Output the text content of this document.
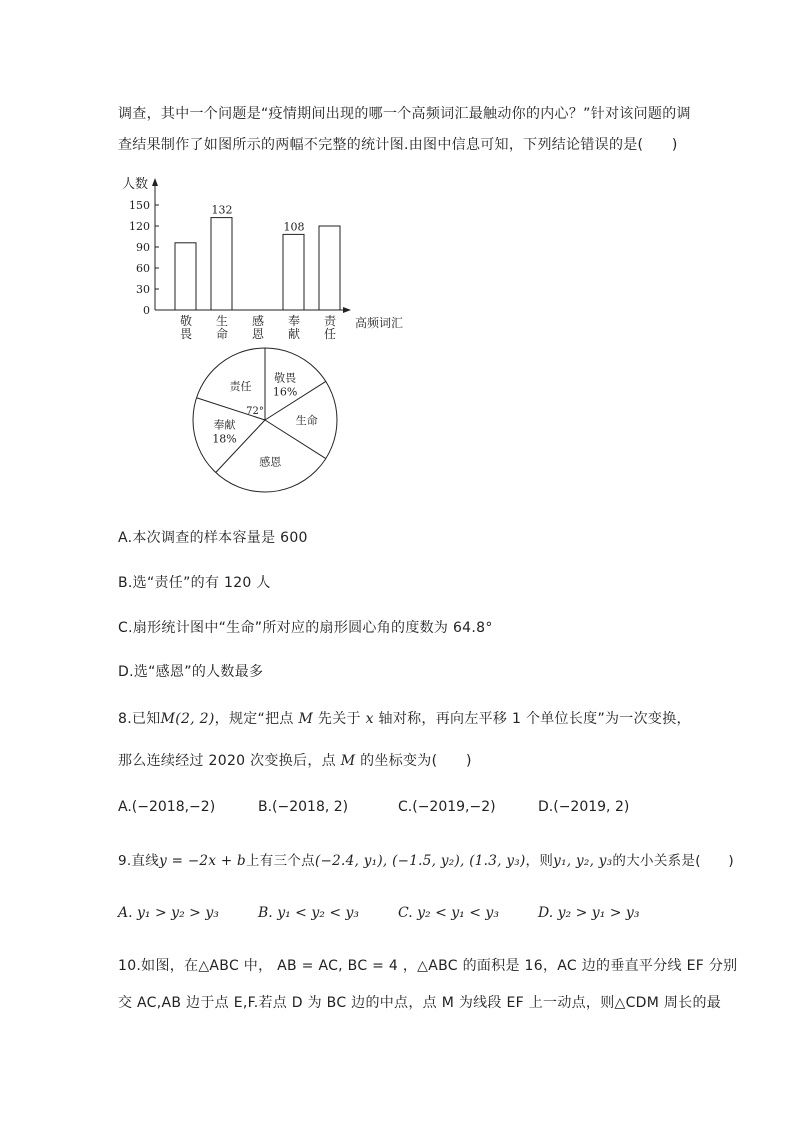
调查，其中一个问题是“疫情期间出现的哪一个高频词汇最触动你的内心？”针对该问题的调
查结果制作了如图所示的两幅不完整的统计图.由图中信息可知，下列结论错误的是(　　)
人数
0
30
60
90
120
150
敬
畏
132
生
命
感
恩
108
奉
献
责
任
高频词汇
敬畏
16%
生命
感恩
奉献
18%
责任
72°
A.本次调查的样本容量是 600
B.选“责任”的有 120 人
C.扇形统计图中“生命”所对应的扇形圆心角的度数为 64.8°
D.选“感恩”的人数最多
8.已知M(2, 2)，规定“把点 M 先关于 x 轴对称，再向左平移 1 个单位长度”为一次变换，
那么连续经过 2020 次变换后，点 M 的坐标变为(　　)
A.(−2018,−2)	B.(−2018, 2)	C.(−2019,−2)	D.(−2019, 2)
9.直线y = −2x + b上有三个点(−2.4, y₁), (−1.5, y₂), (1.3, y₃)，则y₁, y₂, y₃的大小关系是(　　)
A. y₁ > y₂ > y₃	B. y₁ < y₂ < y₃	C. y₂ < y₁ < y₃	D. y₂ > y₁ > y₃
10.如图，在△ABC 中， AB = AC, BC = 4 ，△ABC 的面积是 16，AC 边的垂直平分线 EF 分别
交 AC,AB 边于点 E,F.若点 D 为 BC 边的中点，点 M 为线段 EF 上一动点，则△CDM 周长的最
